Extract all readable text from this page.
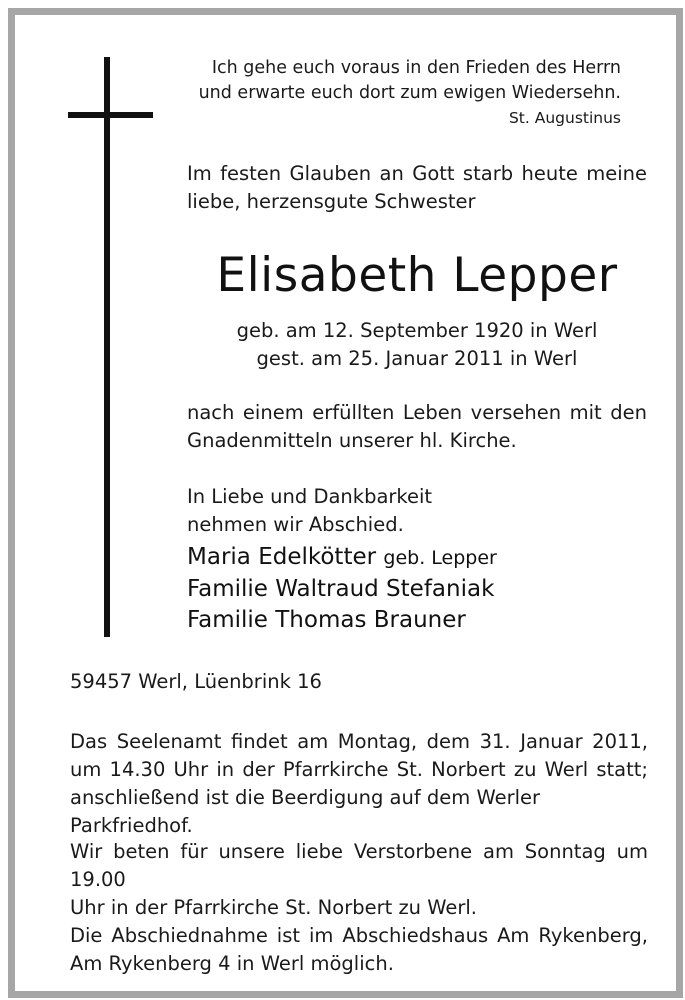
Ich gehe euch voraus in den Frieden des Herrn
und erwarte euch dort zum ewigen Wiedersehn.
St. Augustinus
Im festen Glauben an Gott starb heute meine
liebe, herzensgute Schwester
Elisabeth Lepper
geb. am 12. September 1920 in Werl
gest. am 25. Januar 2011 in Werl
nach einem erfüllten Leben versehen mit den
Gnadenmitteln unserer hl. Kirche.
In Liebe und Dankbarkeit
nehmen wir Abschied.
Maria Edelkötter geb. Lepper
Familie Waltraud Stefaniak
Familie Thomas Brauner
59457 Werl, Lüenbrink 16
Das Seelenamt findet am Montag, dem 31. Januar 2011,
um 14.30 Uhr in der Pfarrkirche St. Norbert zu Werl statt;
anschließend ist die Beerdigung auf dem Werler Parkfriedhof.
Wir beten für unsere liebe Verstorbene am Sonntag um 19.00
Uhr in der Pfarrkirche St. Norbert zu Werl.
Die Abschiednahme ist im Abschiedshaus Am Rykenberg,
Am Rykenberg 4 in Werl möglich.
